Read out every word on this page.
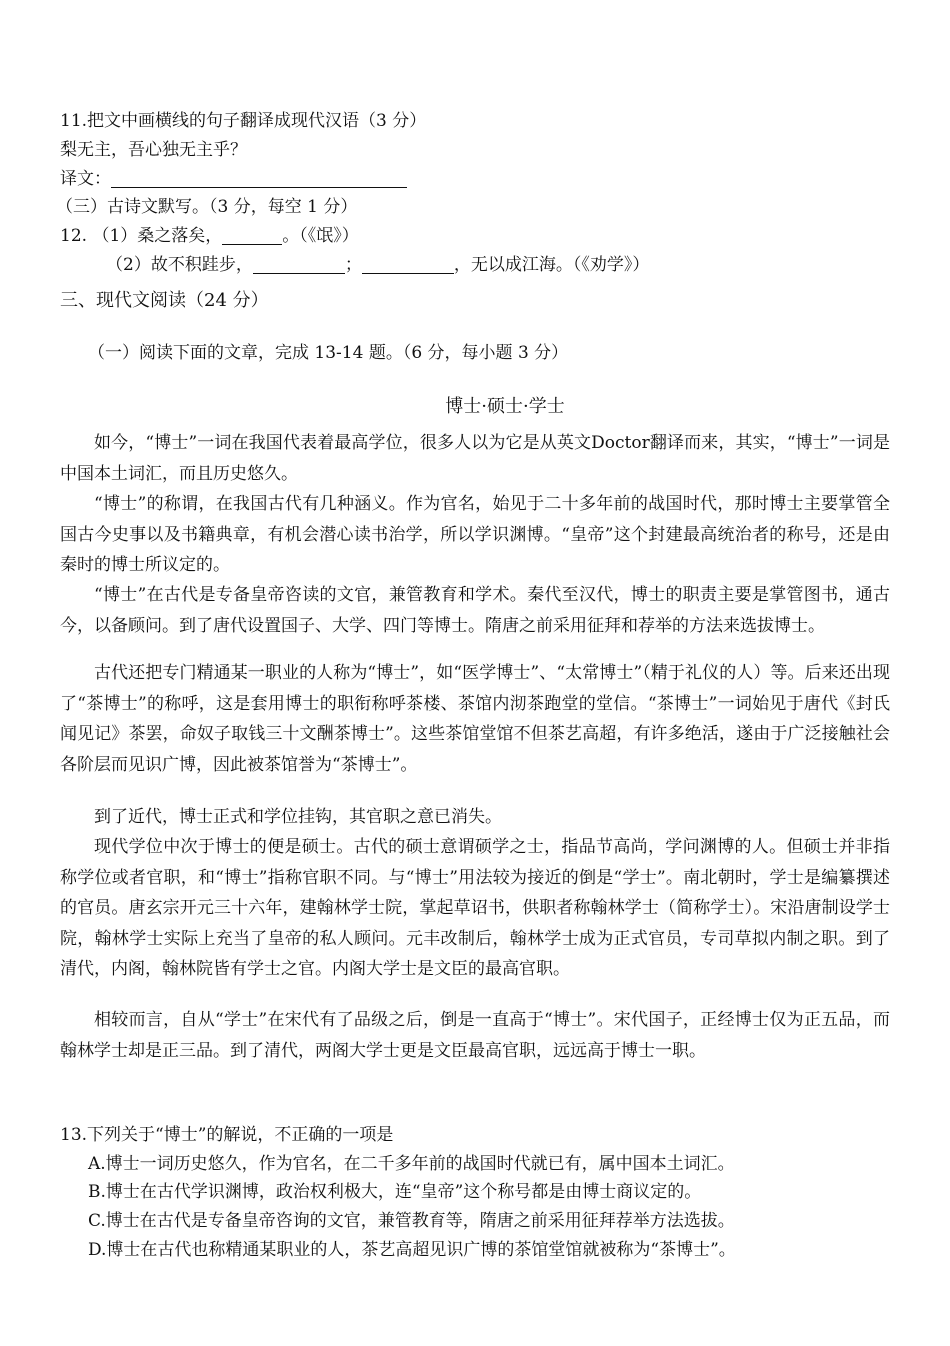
11.把文中画横线的句子翻译成现代汉语（3 分）
梨无主，吾心独无主乎？
译文：
（三）古诗文默写。（3 分，每空 1 分）
12. （1）桑之落矣，	。（《氓》）
（2）故不积跬步，	；	，无以成江海。（《劝学》）
三、现代文阅读（24 分）
（一）阅读下面的文章，完成 13-14 题。（6 分，每小题 3 分）
博士·硕士·学士

如今，“博士”一词在我国代表着最高学位，很多人以为它是从英文Doctor翻译而来，其实，“博士”一词是中国本土词汇，而且历史悠久。

“博士”的称谓，在我国古代有几种涵义。作为官名，始见于二十多年前的战国时代，那时博士主要掌管全国古今史事以及书籍典章，有机会潜心读书治学，所以学识渊博。“皇帝”这个封建最高统治者的称号，还是由秦时的博士所议定的。

“博士”在古代是专备皇帝咨读的文官，兼管教育和学术。秦代至汉代，博士的职责主要是掌管图书，通古今，以备顾问。到了唐代设置国子、大学、四门等博士。隋唐之前采用征拜和荐举的方法来选拔博士。

古代还把专门精通某一职业的人称为“博士”，如“医学博士”、“太常博士”（精于礼仪的人）等。后来还出现了“茶博士”的称呼，这是套用博士的职衔称呼茶楼、茶馆内沏茶跑堂的堂信。“茶博士”一词始见于唐代《封氏闻见记》茶罢，命奴子取钱三十文酬茶博士”。这些茶馆堂馆不但茶艺高超，有许多绝活，遂由于广泛接触社会各阶层而见识广博，因此被茶馆誉为“茶博士”。

到了近代，博士正式和学位挂钩，其官职之意已消失。

现代学位中次于博士的便是硕士。古代的硕士意谓硕学之士，指品节高尚，学问渊博的人。但硕士并非指称学位或者官职，和“博士”指称官职不同。与“博士”用法较为接近的倒是“学士”。南北朝时，学士是编纂撰述的官员。唐玄宗开元三十六年，建翰林学士院，掌起草诏书，供职者称翰林学士（简称学士）。宋沿唐制设学士院，翰林学士实际上充当了皇帝的私人顾问。元丰改制后，翰林学士成为正式官员，专司草拟内制之职。到了清代，内阁，翰林院皆有学士之官。内阁大学士是文臣的最高官职。

相较而言，自从“学士”在宋代有了品级之后，倒是一直高于“博士”。宋代国子，正经博士仅为正五品，而翰林学士却是正三品。到了清代，两阁大学士更是文臣最高官职，远远高于博士一职。

13.下列关于“博士”的解说，不正确的一项是
A.博士一词历史悠久，作为官名，在二千多年前的战国时代就已有，属中国本土词汇。
B.博士在古代学识渊博，政治权利极大，连“皇帝”这个称号都是由博士商议定的。
C.博士在古代是专备皇帝咨询的文官，兼管教育等，隋唐之前采用征拜荐举方法选拔。
D.博士在古代也称精通某职业的人，茶艺高超见识广博的茶馆堂馆就被称为“茶博士”。
